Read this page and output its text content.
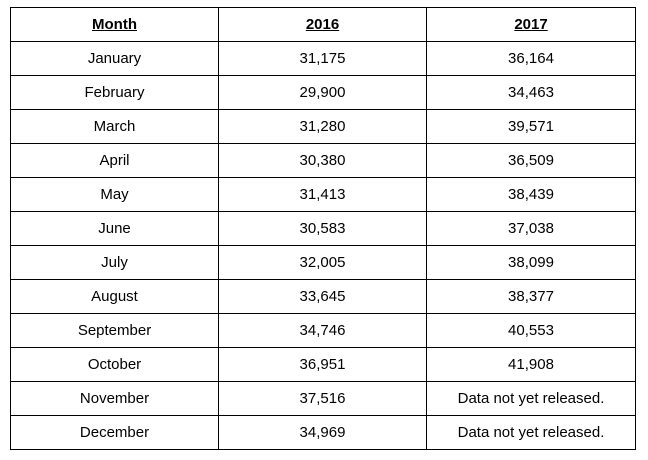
Month	2016	2017
January	31,175	36,164
February	29,900	34,463
March	31,280	39,571
April	30,380	36,509
May	31,413	38,439
June	30,583	37,038
July	32,005	38,099
August	33,645	38,377
September	34,746	40,553
October	36,951	41,908
November	37,516	Data not yet released.
December	34,969	Data not yet released.
